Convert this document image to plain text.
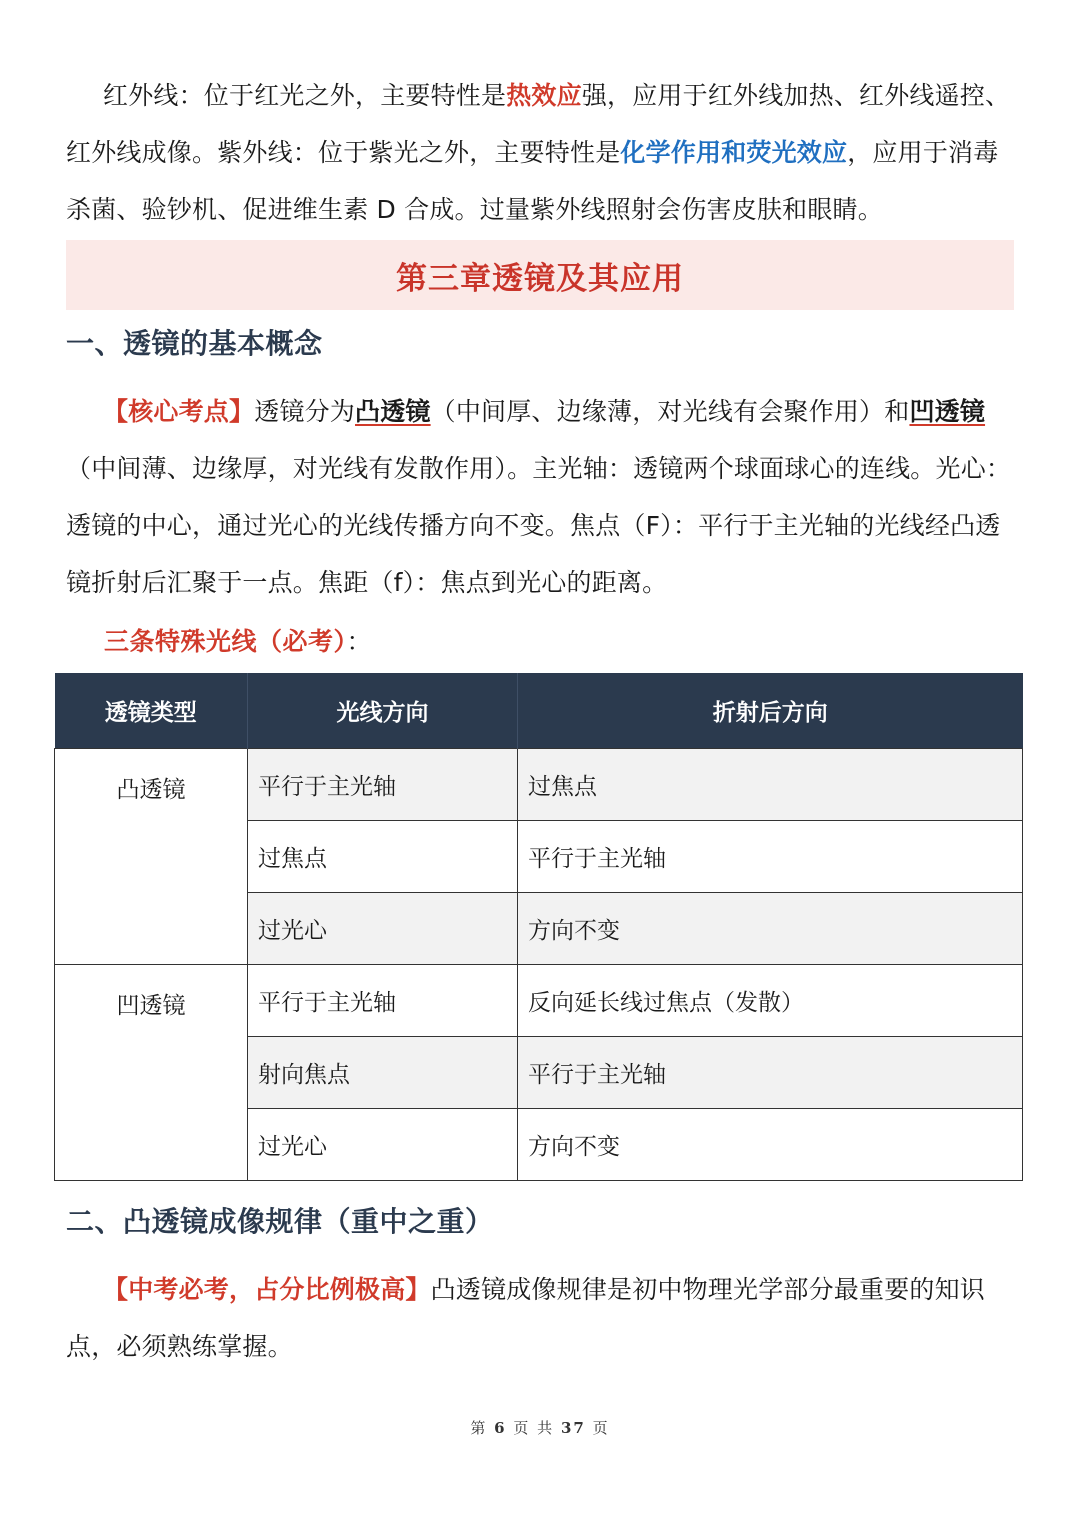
红外线：位于红光之外，主要特性是热效应强，应用于红外线加热、红外线遥控、红外线成像。紫外线：位于紫光之外，主要特性是化学作用和荧光效应，应用于消毒杀菌、验钞机、促进维生素 D 合成。过量紫外线照射会伤害皮肤和眼睛。
第三章透镜及其应用
一、透镜的基本概念
【核心考点】透镜分为凸透镜（中间厚、边缘薄，对光线有会聚作用）和凹透镜（中间薄、边缘厚，对光线有发散作用）。主光轴：透镜两个球面球心的连线。光心：透镜的中心，通过光心的光线传播方向不变。焦点（F）：平行于主光轴的光线经凸透镜折射后汇聚于一点。焦距（f）：焦点到光心的距离。
三条特殊光线（必考）：
透镜类型	光线方向	折射后方向
凸透镜	平行于主光轴	过焦点
	过焦点	平行于主光轴
	过光心	方向不变
凹透镜	平行于主光轴	反向延长线过焦点（发散）
	射向焦点	平行于主光轴
	过光心	方向不变
二、凸透镜成像规律（重中之重）
【中考必考，占分比例极高】凸透镜成像规律是初中物理光学部分最重要的知识点，必须熟练掌握。
第 6 页 共 37 页
